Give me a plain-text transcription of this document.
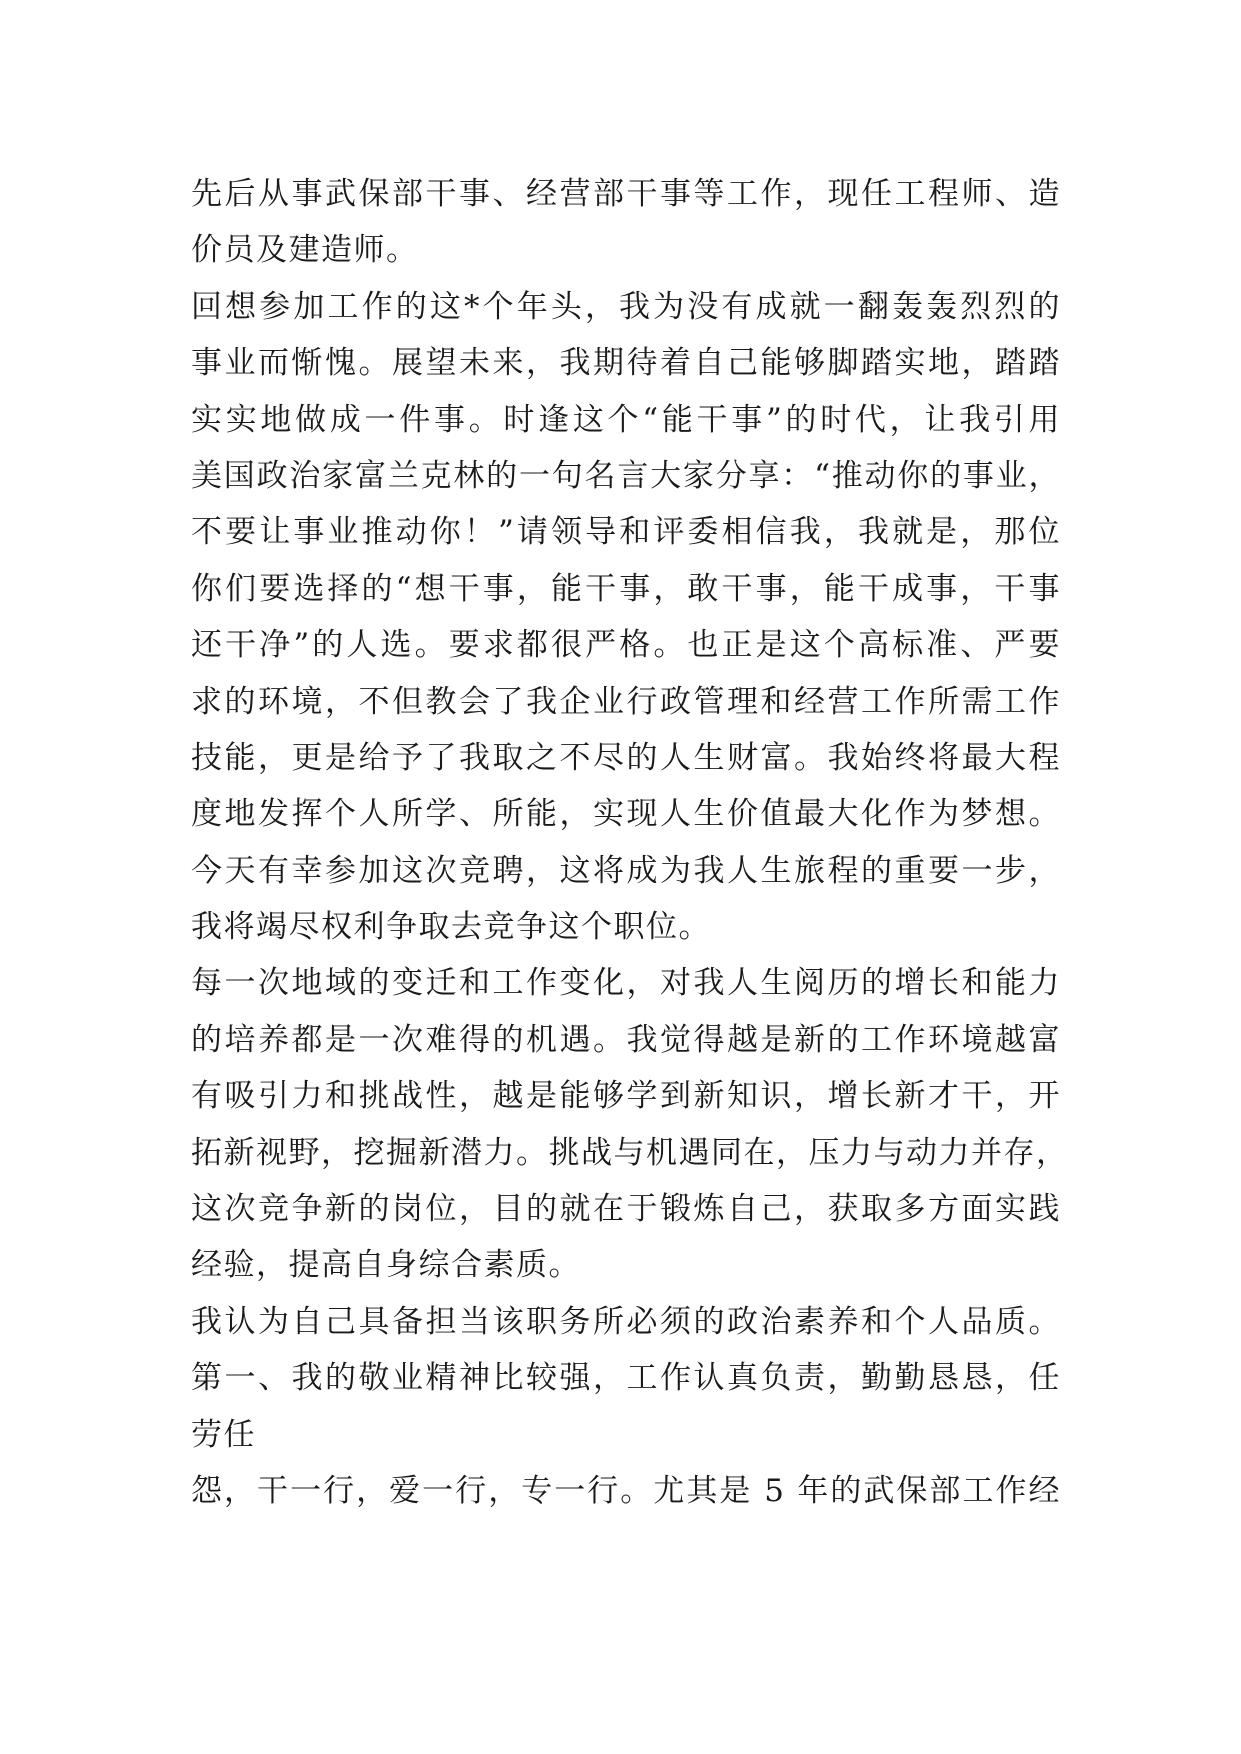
先后从事武保部干事、经营部干事等工作，现任工程师、造
价员及建造师。
回想参加工作的这*个年头，我为没有成就一翻轰轰烈烈的
事业而惭愧。展望未来，我期待着自己能够脚踏实地，踏踏
实实地做成一件事。时逢这个“能干事”的时代，让我引用
美国政治家富兰克林的一句名言大家分享：“推动你的事业，
不要让事业推动你！”请领导和评委相信我，我就是，那位
你们要选择的“想干事，能干事，敢干事，能干成事，干事
还干净”的人选。要求都很严格。也正是这个高标准、严要
求的环境，不但教会了我企业行政管理和经营工作所需工作
技能，更是给予了我取之不尽的人生财富。我始终将最大程
度地发挥个人所学、所能，实现人生价值最大化作为梦想。
今天有幸参加这次竞聘，这将成为我人生旅程的重要一步，
我将竭尽权利争取去竞争这个职位。
每一次地域的变迁和工作变化，对我人生阅历的增长和能力
的培养都是一次难得的机遇。我觉得越是新的工作环境越富
有吸引力和挑战性，越是能够学到新知识，增长新才干，开
拓新视野，挖掘新潜力。挑战与机遇同在，压力与动力并存，
这次竞争新的岗位，目的就在于锻炼自己，获取多方面实践
经验，提高自身综合素质。
我认为自己具备担当该职务所必须的政治素养和个人品质。
第一、我的敬业精神比较强，工作认真负责，勤勤恳恳，任
劳任
怨，干一行，爱一行，专一行。尤其是 5 年的武保部工作经
